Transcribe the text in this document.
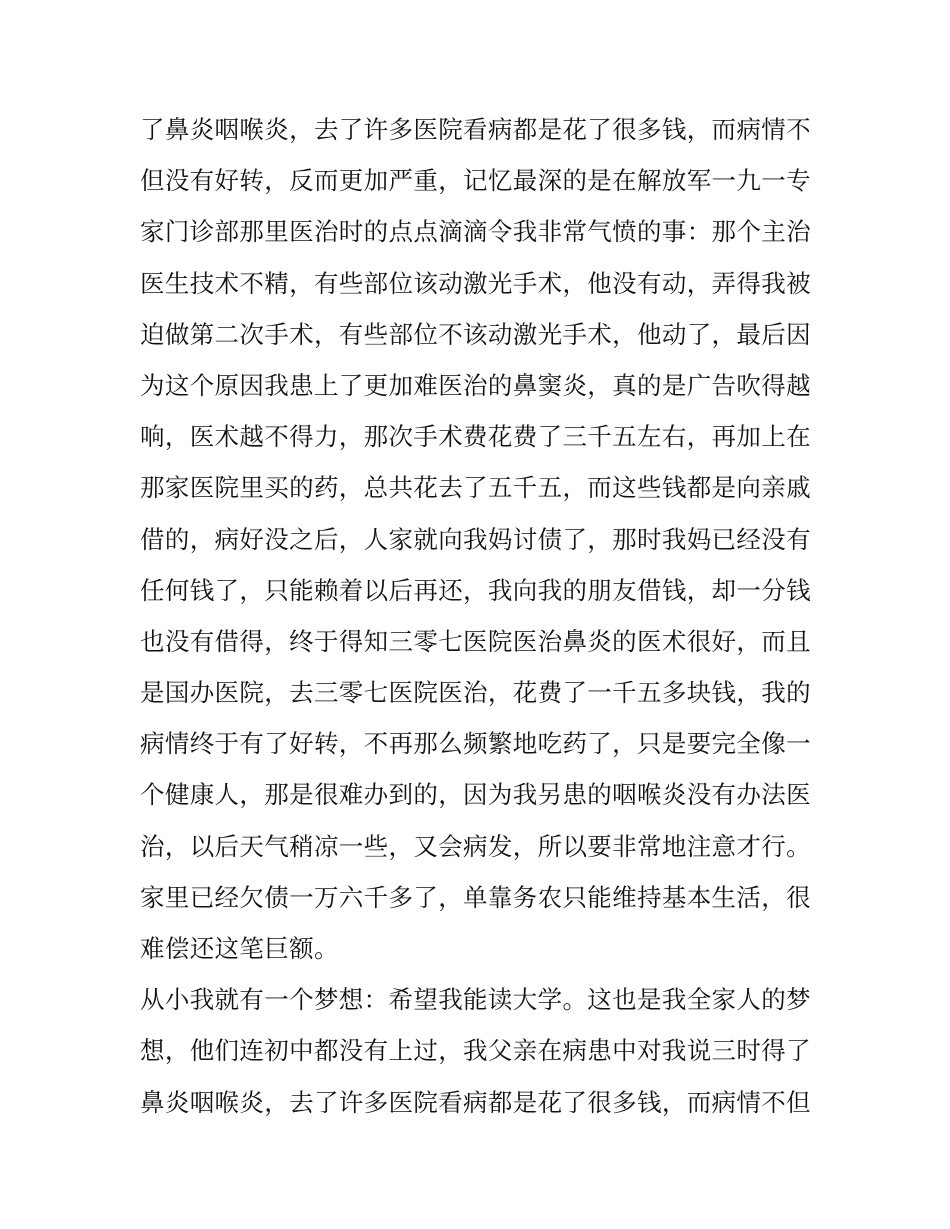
了鼻炎咽喉炎，去了许多医院看病都是花了很多钱，而病情不
但没有好转，反而更加严重，记忆最深的是在解放军一九一专
家门诊部那里医治时的点点滴滴令我非常气愤的事：那个主治
医生技术不精，有些部位该动激光手术，他没有动，弄得我被
迫做第二次手术，有些部位不该动激光手术，他动了，最后因
为这个原因我患上了更加难医治的鼻窦炎，真的是广告吹得越
响，医术越不得力，那次手术费花费了三千五左右，再加上在
那家医院里买的药，总共花去了五千五，而这些钱都是向亲戚
借的，病好没之后，人家就向我妈讨债了，那时我妈已经没有
任何钱了，只能赖着以后再还，我向我的朋友借钱，却一分钱
也没有借得，终于得知三零七医院医治鼻炎的医术很好，而且
是国办医院，去三零七医院医治，花费了一千五多块钱，我的
病情终于有了好转，不再那么频繁地吃药了，只是要完全像一
个健康人，那是很难办到的，因为我另患的咽喉炎没有办法医
治，以后天气稍凉一些，又会病发，所以要非常地注意才行。
家里已经欠债一万六千多了，单靠务农只能维持基本生活，很
难偿还这笔巨额。
从小我就有一个梦想：希望我能读大学。这也是我全家人的梦
想，他们连初中都没有上过，我父亲在病患中对我说三时得了
鼻炎咽喉炎，去了许多医院看病都是花了很多钱，而病情不但
